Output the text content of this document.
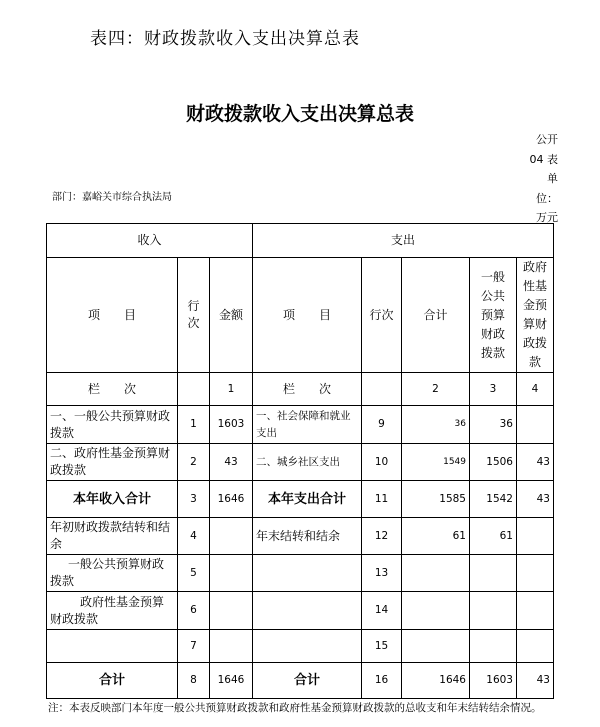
表四：财政拨款收入支出决算总表
财政拨款收入支出决算总表
公开
04 表
单
位：
万元
部门：嘉峪关市综合执法局
收入			支出				
项　　目	行次	金额	项　　目	行次	合计	一般公共预算财政拨款	政府性基金预算财政拨款
栏　　次		1	栏　　次		2	3	4
一、一般公共预算财政拨款	1	1603	一、社会保障和就业支出	9	36	36	
二、政府性基金预算财政拨款	2	43	二、城乡社区支出	10	1549	1506	43
本年收入合计	3	1646	本年支出合计	11	1585	1542	43
年初财政拨款结转和结余	4		年末结转和结余	12	61	61	
一般公共预算财政拨款	5			13			
政府性基金预算财政拨款	6			14			
	7			15			
合计	8	1646	合计	16	1646	1603	43
注：本表反映部门本年度一般公共预算财政拨款和政府性基金预算财政拨款的总收支和年末结转结余情况。
